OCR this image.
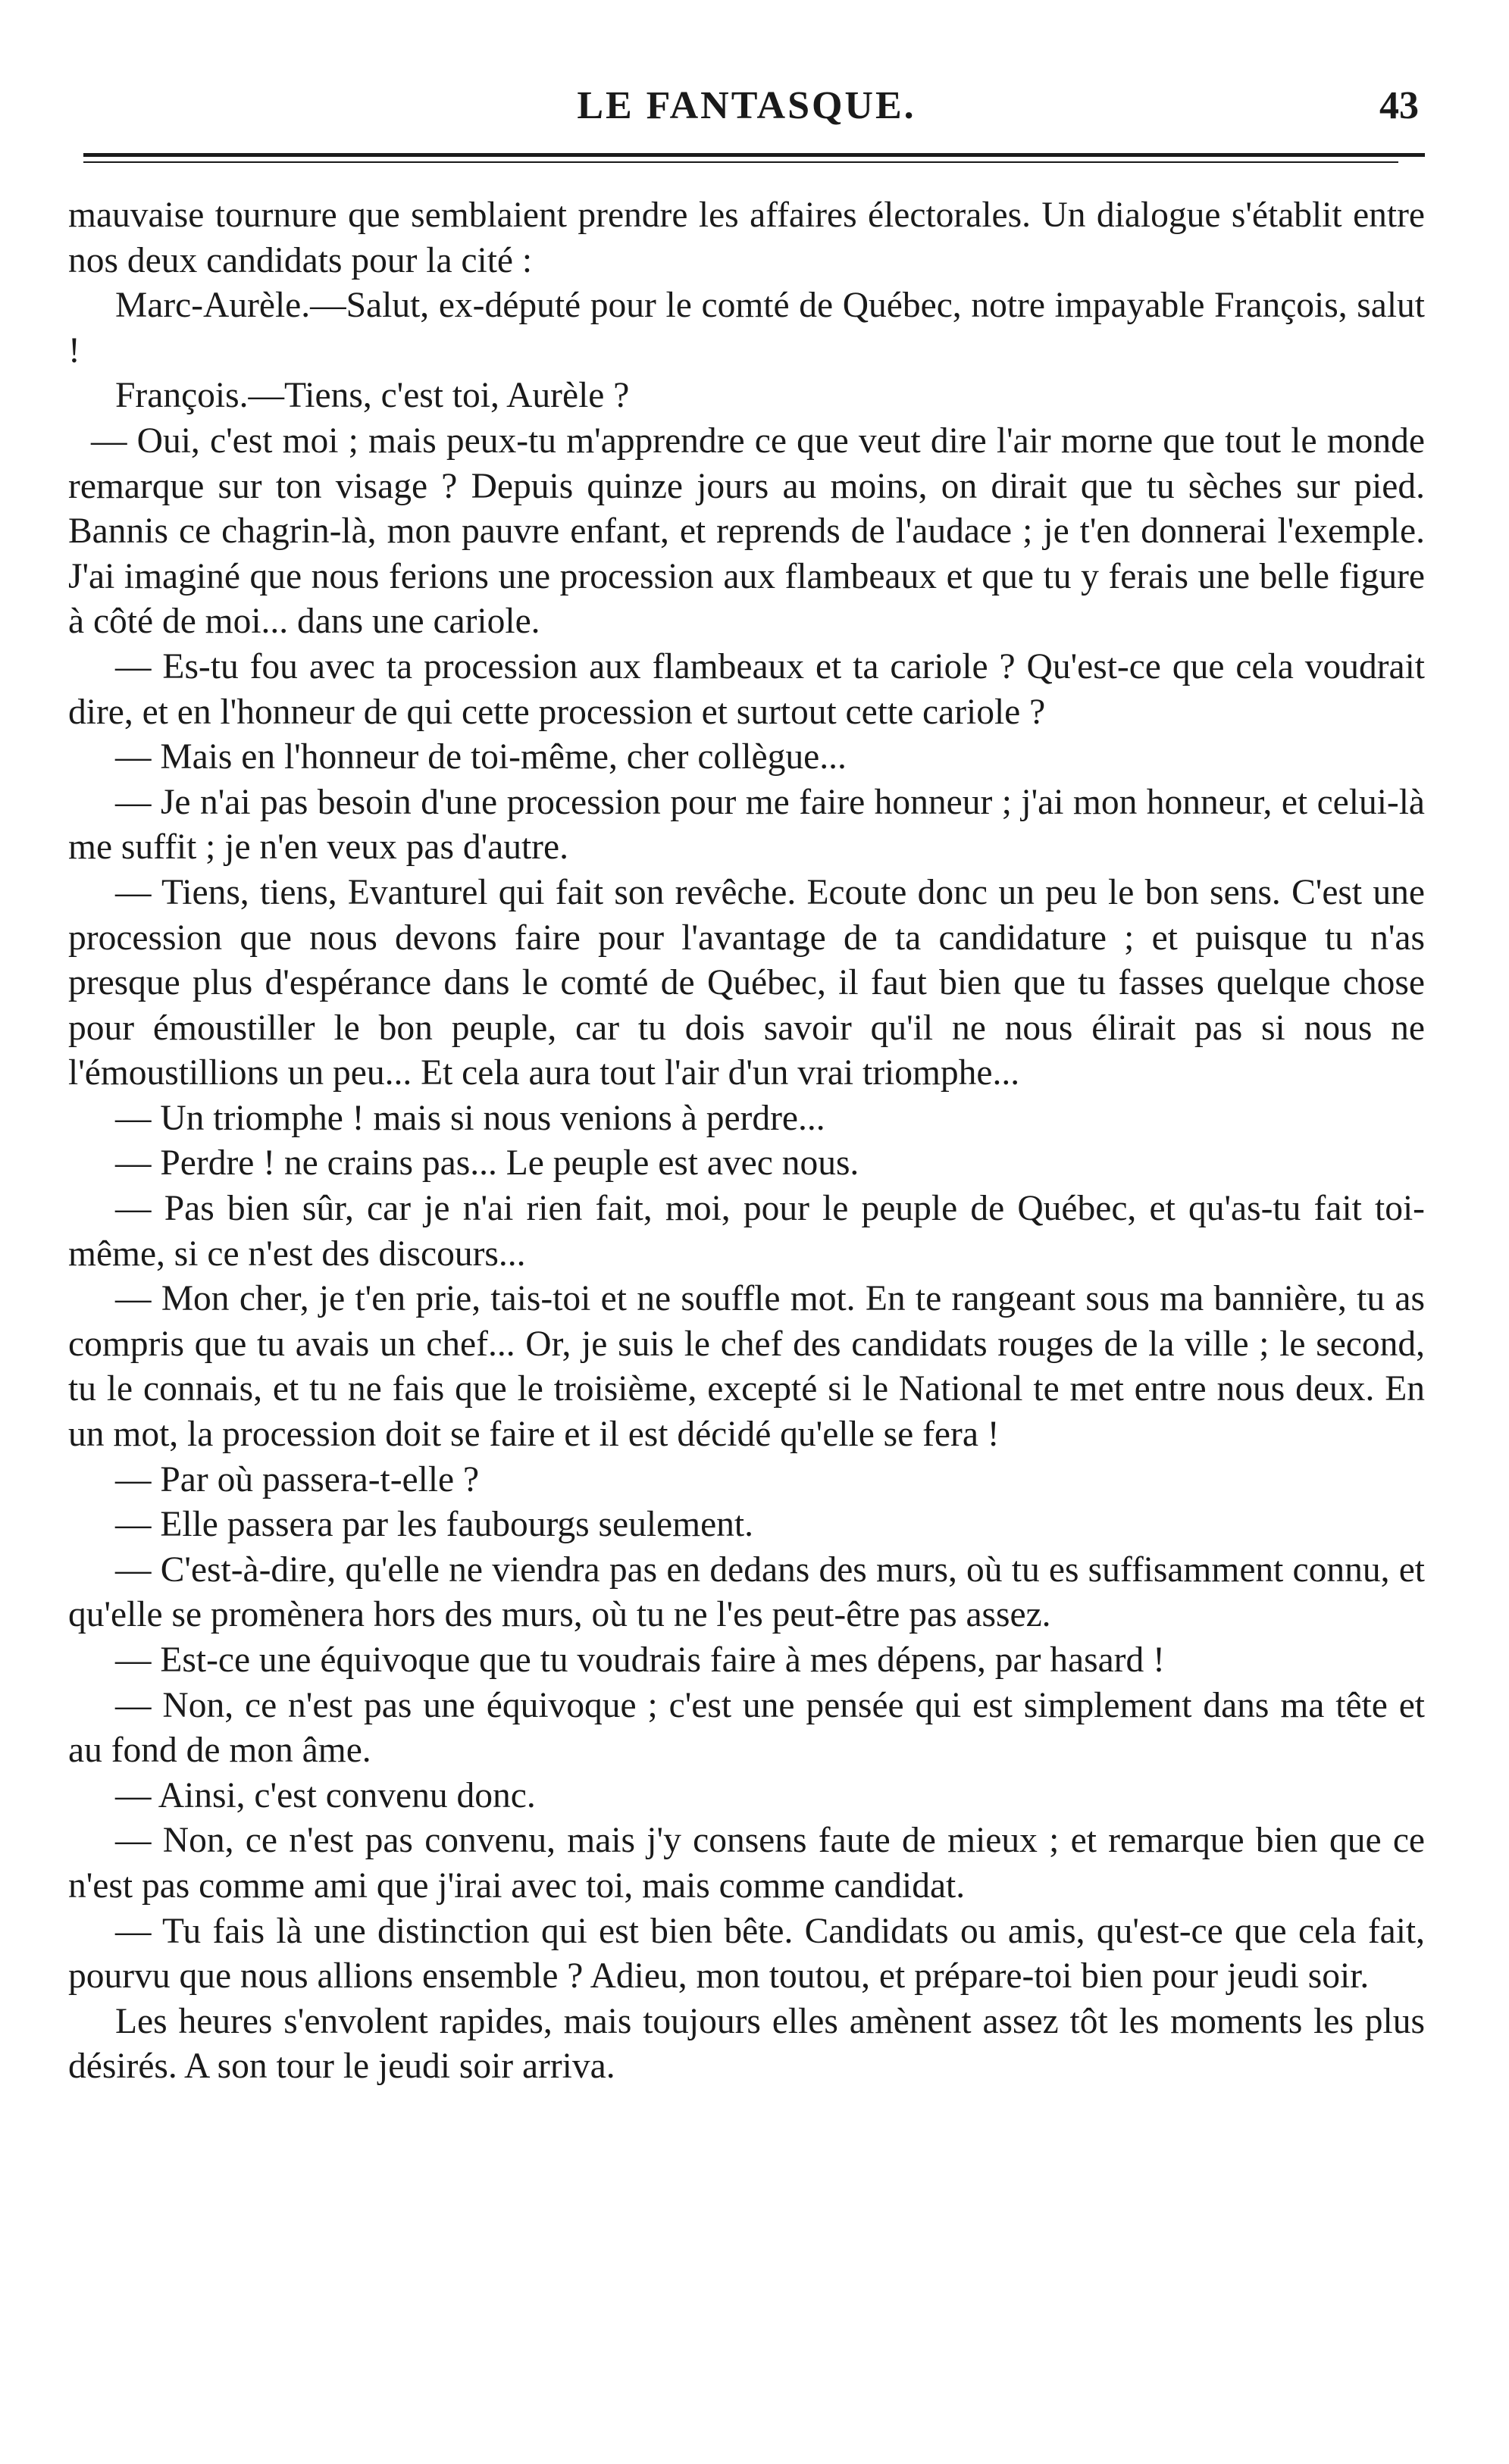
LE FANTASQUE.	43

mauvaise tournure que semblaient prendre les affaires électorales. Un dialogue s'établit entre nos deux candidats pour la cité :

Marc-Aurèle.—Salut, ex-député pour le comté de Québec, notre impayable François, salut !

François.—Tiens, c'est toi, Aurèle ?

— Oui, c'est moi ; mais peux-tu m'apprendre ce que veut dire l'air morne que tout le monde remarque sur ton visage ? Depuis quinze jours au moins, on dirait que tu sèches sur pied. Bannis ce chagrin-là, mon pauvre enfant, et reprends de l'audace ; je t'en donnerai l'exemple. J'ai imaginé que nous ferions une procession aux flambeaux et que tu y ferais une belle figure à côté de moi... dans une cariole.

— Es-tu fou avec ta procession aux flambeaux et ta cariole ? Qu'est-ce que cela voudrait dire, et en l'honneur de qui cette procession et surtout cette cariole ?

— Mais en l'honneur de toi-même, cher collègue...

— Je n'ai pas besoin d'une procession pour me faire honneur ; j'ai mon honneur, et celui-là me suffit ; je n'en veux pas d'autre.

— Tiens, tiens, Evanturel qui fait son revêche. Ecoute donc un peu le bon sens. C'est une procession que nous devons faire pour l'avantage de ta candidature ; et puisque tu n'as presque plus d'espérance dans le comté de Québec, il faut bien que tu fasses quelque chose pour émoustiller le bon peuple, car tu dois savoir qu'il ne nous élirait pas si nous ne l'émoustillions un peu... Et cela aura tout l'air d'un vrai triomphe...

— Un triomphe ! mais si nous venions à perdre...

— Perdre ! ne crains pas... Le peuple est avec nous.

— Pas bien sûr, car je n'ai rien fait, moi, pour le peuple de Québec, et qu'as-tu fait toi-même, si ce n'est des discours...

— Mon cher, je t'en prie, tais-toi et ne souffle mot. En te rangeant sous ma bannière, tu as compris que tu avais un chef... Or, je suis le chef des candidats rouges de la ville ; le second, tu le connais, et tu ne fais que le troisième, excepté si le National te met entre nous deux. En un mot, la procession doit se faire et il est décidé qu'elle se fera !

— Par où passera-t-elle ?

— Elle passera par les faubourgs seulement.

— C'est-à-dire, qu'elle ne viendra pas en dedans des murs, où tu es suffisamment connu, et qu'elle se promènera hors des murs, où tu ne l'es peut-être pas assez.

— Est-ce une équivoque que tu voudrais faire à mes dépens, par hasard !

— Non, ce n'est pas une équivoque ; c'est une pensée qui est simplement dans ma tête et au fond de mon âme.

— Ainsi, c'est convenu donc.

— Non, ce n'est pas convenu, mais j'y consens faute de mieux ; et remarque bien que ce n'est pas comme ami que j'irai avec toi, mais comme candidat.

— Tu fais là une distinction qui est bien bête. Candidats ou amis, qu'est-ce que cela fait, pourvu que nous allions ensemble ? Adieu, mon toutou, et prépare-toi bien pour jeudi soir.

Les heures s'envolent rapides, mais toujours elles amènent assez tôt les moments les plus désirés. A son tour le jeudi soir arriva.
